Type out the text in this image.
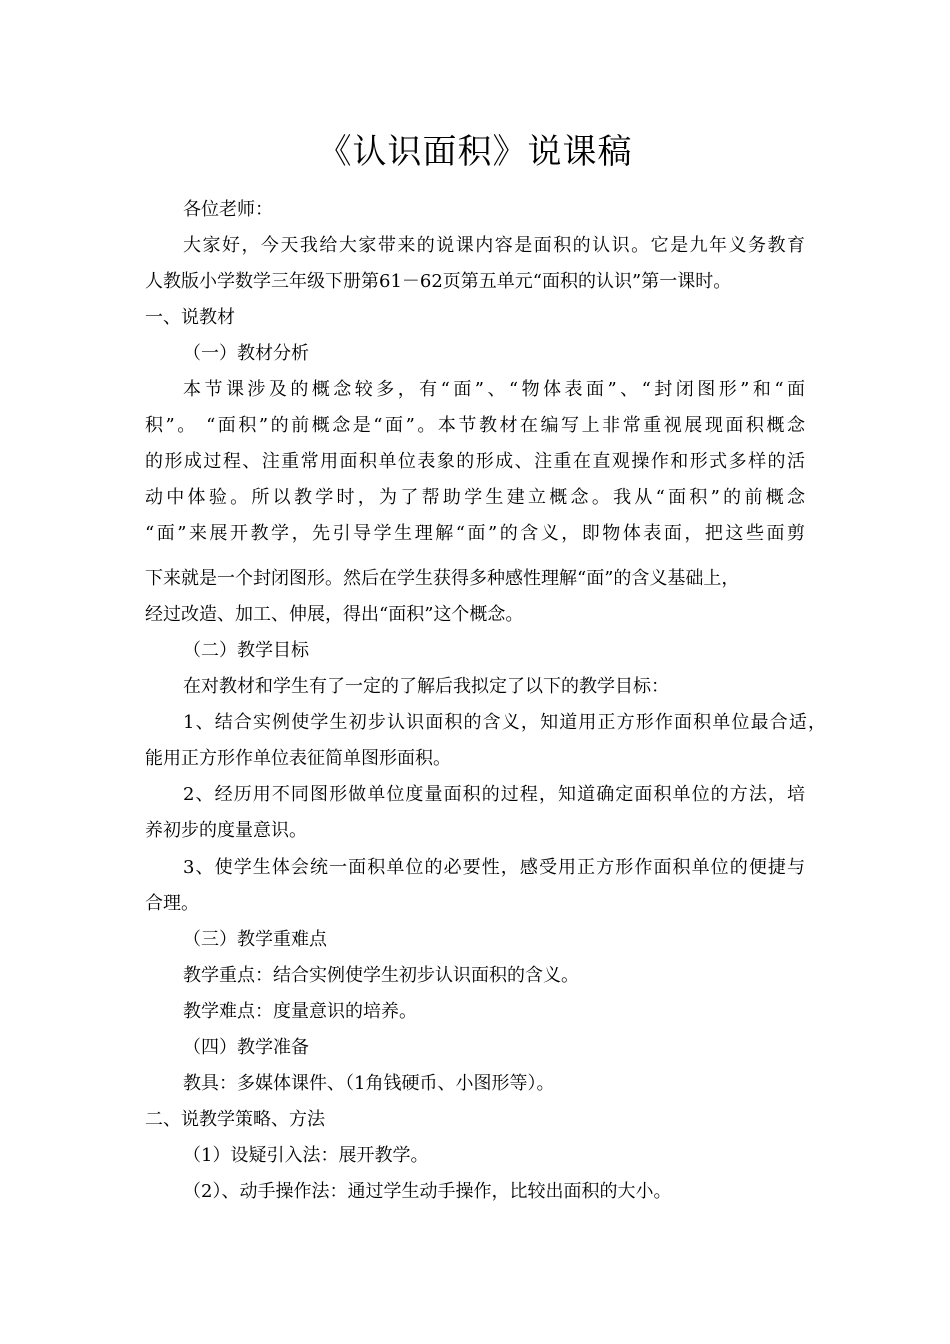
《认识面积》说课稿
各位老师：
大家好，今天我给大家带来的说课内容是面积的认识。它是九年义务教育
人教版小学数学三年级下册第61－62页第五单元“面积的认识”第一课时。
一、说教材
（一）教材分析
本节课涉及的概念较多，有“面”、“物体表面”、“封闭图形”和“面
积”。 “面积”的前概念是“面”。本节教材在编写上非常重视展现面积概念
的形成过程、注重常用面积单位表象的形成、注重在直观操作和形式多样的活
动中体验。所以教学时，为了帮助学生建立概念。我从“面积”的前概念
“面”来展开教学，先引导学生理解“面”的含义，即物体表面，把这些面剪
下来就是一个封闭图形。然后在学生获得多种感性理解“面”的含义基础上，
经过改造、加工、伸展，得出“面积”这个概念。
（二）教学目标
在对教材和学生有了一定的了解后我拟定了以下的教学目标：
1、结合实例使学生初步认识面积的含义，知道用正方形作面积单位最合适，
能用正方形作单位表征简单图形面积。
2、经历用不同图形做单位度量面积的过程，知道确定面积单位的方法，培
养初步的度量意识。
3、使学生体会统一面积单位的必要性，感受用正方形作面积单位的便捷与
合理。
（三）教学重难点
教学重点：结合实例使学生初步认识面积的含义。
教学难点：度量意识的培养。
（四）教学准备
教具：多媒体课件、（1角钱硬币、小图形等）。
二、说教学策略、方法
（1）设疑引入法：展开教学。
（2）、动手操作法：通过学生动手操作，比较出面积的大小。
